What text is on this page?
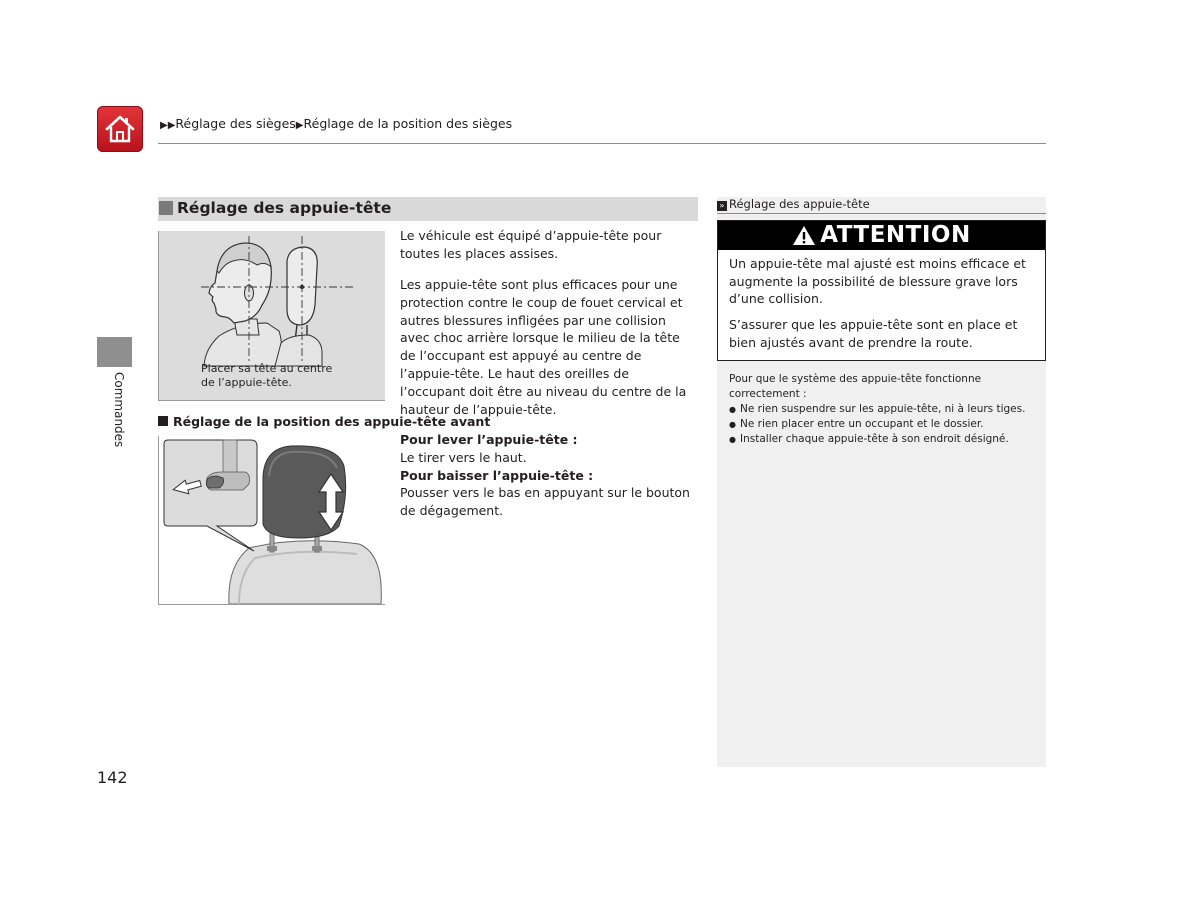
▶▶Réglage des sièges▶Réglage de la position des sièges
Commandes
142
Réglage des appuie-tête
Placer sa tête au centre
de l’appuie-tête.
Le véhicule est équipé d’appuie-tête pour toutes les places assises.
Les appuie-tête sont plus efficaces pour une protection contre le coup de fouet cervical et autres blessures infligées par une collision avec choc arrière lorsque le milieu de la tête de l’occupant est appuyé au centre de l’appuie-tête. Le haut des oreilles de l’occupant doit être au niveau du centre de la hauteur de l’appuie-tête.
Réglage de la position des appuie-tête avant
Pour lever l’appuie-tête :
Le tirer vers le haut.
Pour baisser l’appuie-tête :
Pousser vers le bas en appuyant sur le bouton de dégagement.
» Réglage des appuie-tête
ATTENTION
Un appuie-tête mal ajusté est moins efficace et augmente la possibilité de blessure grave lors d’une collision.
S’assurer que les appuie-tête sont en place et bien ajustés avant de prendre la route.
Pour que le système des appuie-tête fonctionne correctement :
● Ne rien suspendre sur les appuie-tête, ni à leurs tiges.
● Ne rien placer entre un occupant et le dossier.
● Installer chaque appuie-tête à son endroit désigné.
